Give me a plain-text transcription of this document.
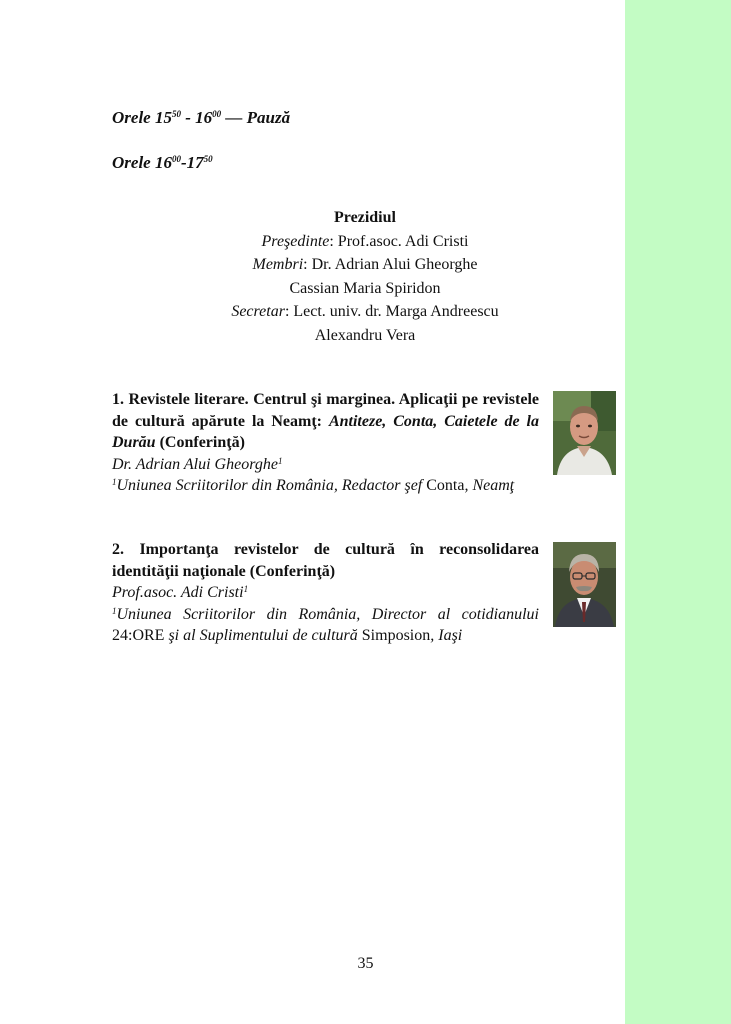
Orele $15^{50} - 16^{00}$ — Pauză
Orele $16^{00}-17^{50}$
Prezidiul
Preşedinte: Prof.asoc. Adi Cristi
Membri: Dr. Adrian Alui Gheorghe
Cassian Maria Spiridon
Secretar: Lect. univ. dr. Marga Andreescu
Alexandru Vera
1. Revistele literare. Centrul şi marginea. Aplicaţii pe revistele de cultură apărute la Neamţ: Antiteze, Conta, Caietele de la Durău (Conferinţă)
Dr. Adrian Alui Gheorghe$^1$
$^1$Uniunea Scriitorilor din România, Redactor şef Conta, Neamţ
2. Importanţa revistelor de cultură în reconsolidarea identităţii naţionale (Conferinţă)
Prof.asoc. Adi Cristi$^1$
$^1$Uniunea Scriitorilor din România, Director al cotidianului 24:ORE şi al Suplimentului de cultură Simposion, Iaşi
35
